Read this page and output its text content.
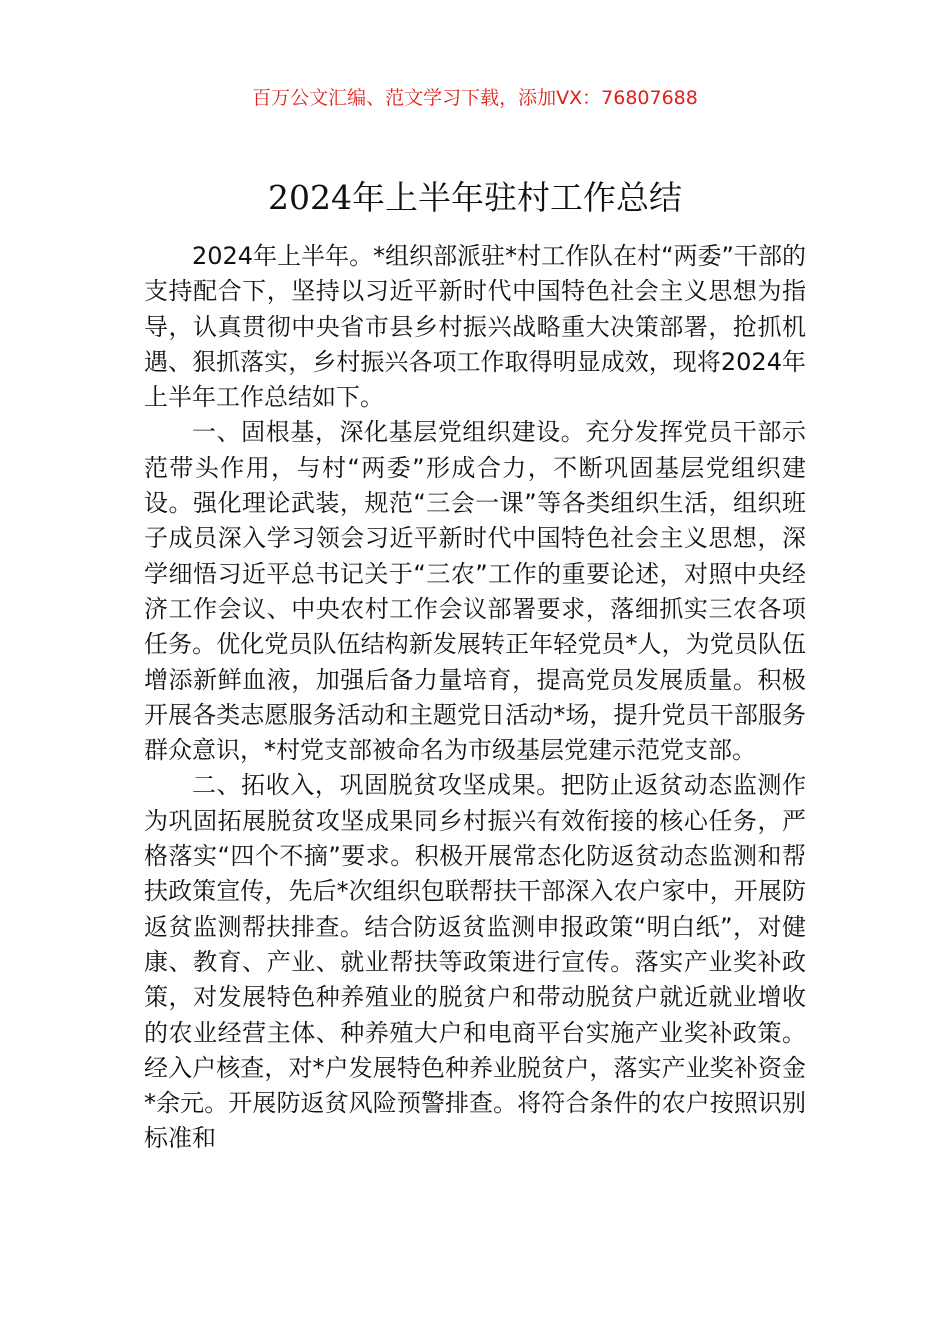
百万公文汇编、范文学习下载，添加VX：76807688
2024年上半年驻村工作总结

2024年上半年。*组织部派驻*村工作队在村“两委”干部的支持配合下，坚持以习近平新时代中国特色社会主义思想为指导，认真贯彻中央省市县乡村振兴战略重大决策部署，抢抓机遇、狠抓落实，乡村振兴各项工作取得明显成效，现将2024年上半年工作总结如下。

一、固根基，深化基层党组织建设。充分发挥党员干部示范带头作用，与村“两委”形成合力，不断巩固基层党组织建设。强化理论武装，规范“三会一课”等各类组织生活，组织班子成员深入学习领会习近平新时代中国特色社会主义思想，深学细悟习近平总书记关于“三农”工作的重要论述，对照中央经济工作会议、中央农村工作会议部署要求，落细抓实三农各项任务。优化党员队伍结构新发展转正年轻党员*人，为党员队伍增添新鲜血液，加强后备力量培育，提高党员发展质量。积极开展各类志愿服务活动和主题党日活动*场，提升党员干部服务群众意识，*村党支部被命名为市级基层党建示范党支部。

二、拓收入，巩固脱贫攻坚成果。把防止返贫动态监测作为巩固拓展脱贫攻坚成果同乡村振兴有效衔接的核心任务，严格落实“四个不摘”要求。积极开展常态化防返贫动态监测和帮扶政策宣传，先后*次组织包联帮扶干部深入农户家中，开展防返贫监测帮扶排查。结合防返贫监测申报政策“明白纸”，对健康、教育、产业、就业帮扶等政策进行宣传。落实产业奖补政策，对发展特色种养殖业的脱贫户和带动脱贫户就近就业增收的农业经营主体、种养殖大户和电商平台实施产业奖补政策。经入户核查，对*户发展特色种养业脱贫户，落实产业奖补资金*余元。开展防返贫风险预警排查。将符合条件的农户按照识别标准和
